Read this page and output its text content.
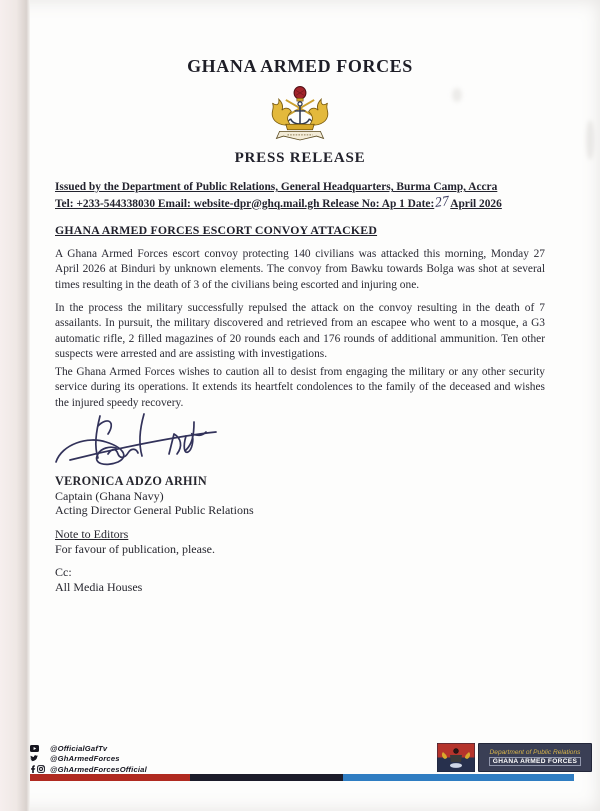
GHANA ARMED FORCES
PRESS RELEASE
Issued by the Department of Public Relations, General Headquarters, Burma Camp, Accra
Tel: +233-544338030 Email: website-dpr@ghq.mail.gh Release No: Ap 1 Date:27April 2026
GHANA ARMED FORCES ESCORT CONVOY ATTACKED
A Ghana Armed Forces escort convoy protecting 140 civilians was attacked this morning, Monday 27 April 2026 at Binduri by unknown elements. The convoy from Bawku towards Bolga was shot at several times resulting in the death of 3 of the civilians being escorted and injuring one.
In the process the military successfully repulsed the attack on the convoy resulting in the death of 7 assailants. In pursuit, the military discovered and retrieved from an escapee who went to a mosque, a G3 automatic rifle, 2 filled magazines of 20 rounds each and 176 rounds of additional ammunition. Ten other suspects were arrested and are assisting with investigations.
The Ghana Armed Forces wishes to caution all to desist from engaging the military or any other security service during its operations. It extends its heartfelt condolences to the family of the deceased and wishes the injured speedy recovery.
VERONICA ADZO ARHIN
Captain (Ghana Navy)
Acting Director General Public Relations
Note to Editors
For favour of publication, please.
Cc:
All Media Houses
@OfficialGafTv
@GhArmedForces
@GhArmedForcesOfficial
Department of Public Relations
GHANA ARMED FORCES
